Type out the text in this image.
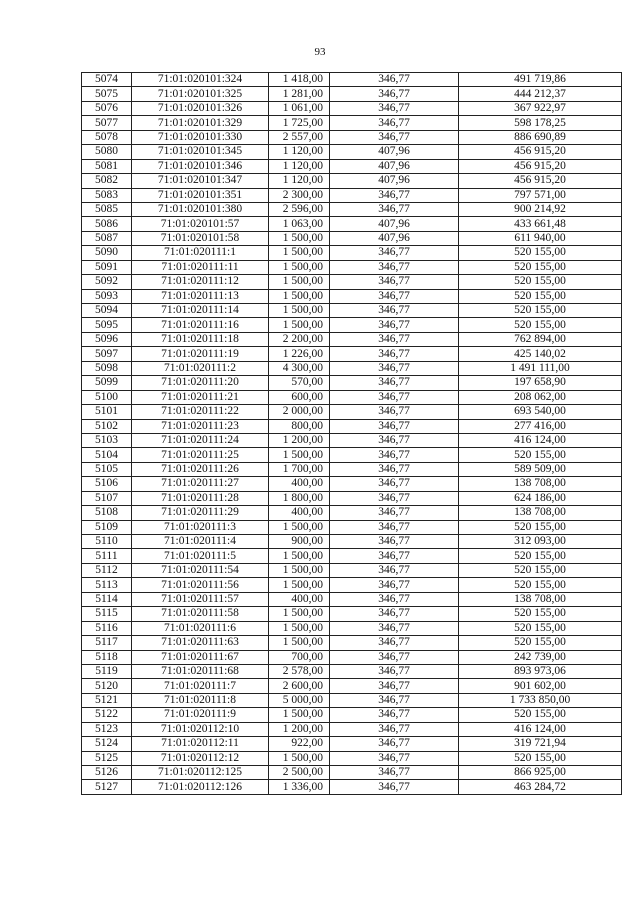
93
5074	71:01:020101:324	1 418,00	346,77	491 719,86
5075	71:01:020101:325	1 281,00	346,77	444 212,37
5076	71:01:020101:326	1 061,00	346,77	367 922,97
5077	71:01:020101:329	1 725,00	346,77	598 178,25
5078	71:01:020101:330	2 557,00	346,77	886 690,89
5080	71:01:020101:345	1 120,00	407,96	456 915,20
5081	71:01:020101:346	1 120,00	407,96	456 915,20
5082	71:01:020101:347	1 120,00	407,96	456 915,20
5083	71:01:020101:351	2 300,00	346,77	797 571,00
5085	71:01:020101:380	2 596,00	346,77	900 214,92
5086	71:01:020101:57	1 063,00	407,96	433 661,48
5087	71:01:020101:58	1 500,00	407,96	611 940,00
5090	71:01:020111:1	1 500,00	346,77	520 155,00
5091	71:01:020111:11	1 500,00	346,77	520 155,00
5092	71:01:020111:12	1 500,00	346,77	520 155,00
5093	71:01:020111:13	1 500,00	346,77	520 155,00
5094	71:01:020111:14	1 500,00	346,77	520 155,00
5095	71:01:020111:16	1 500,00	346,77	520 155,00
5096	71:01:020111:18	2 200,00	346,77	762 894,00
5097	71:01:020111:19	1 226,00	346,77	425 140,02
5098	71:01:020111:2	4 300,00	346,77	1 491 111,00
5099	71:01:020111:20	570,00	346,77	197 658,90
5100	71:01:020111:21	600,00	346,77	208 062,00
5101	71:01:020111:22	2 000,00	346,77	693 540,00
5102	71:01:020111:23	800,00	346,77	277 416,00
5103	71:01:020111:24	1 200,00	346,77	416 124,00
5104	71:01:020111:25	1 500,00	346,77	520 155,00
5105	71:01:020111:26	1 700,00	346,77	589 509,00
5106	71:01:020111:27	400,00	346,77	138 708,00
5107	71:01:020111:28	1 800,00	346,77	624 186,00
5108	71:01:020111:29	400,00	346,77	138 708,00
5109	71:01:020111:3	1 500,00	346,77	520 155,00
5110	71:01:020111:4	900,00	346,77	312 093,00
5111	71:01:020111:5	1 500,00	346,77	520 155,00
5112	71:01:020111:54	1 500,00	346,77	520 155,00
5113	71:01:020111:56	1 500,00	346,77	520 155,00
5114	71:01:020111:57	400,00	346,77	138 708,00
5115	71:01:020111:58	1 500,00	346,77	520 155,00
5116	71:01:020111:6	1 500,00	346,77	520 155,00
5117	71:01:020111:63	1 500,00	346,77	520 155,00
5118	71:01:020111:67	700,00	346,77	242 739,00
5119	71:01:020111:68	2 578,00	346,77	893 973,06
5120	71:01:020111:7	2 600,00	346,77	901 602,00
5121	71:01:020111:8	5 000,00	346,77	1 733 850,00
5122	71:01:020111:9	1 500,00	346,77	520 155,00
5123	71:01:020112:10	1 200,00	346,77	416 124,00
5124	71:01:020112:11	922,00	346,77	319 721,94
5125	71:01:020112:12	1 500,00	346,77	520 155,00
5126	71:01:020112:125	2 500,00	346,77	866 925,00
5127	71:01:020112:126	1 336,00	346,77	463 284,72
